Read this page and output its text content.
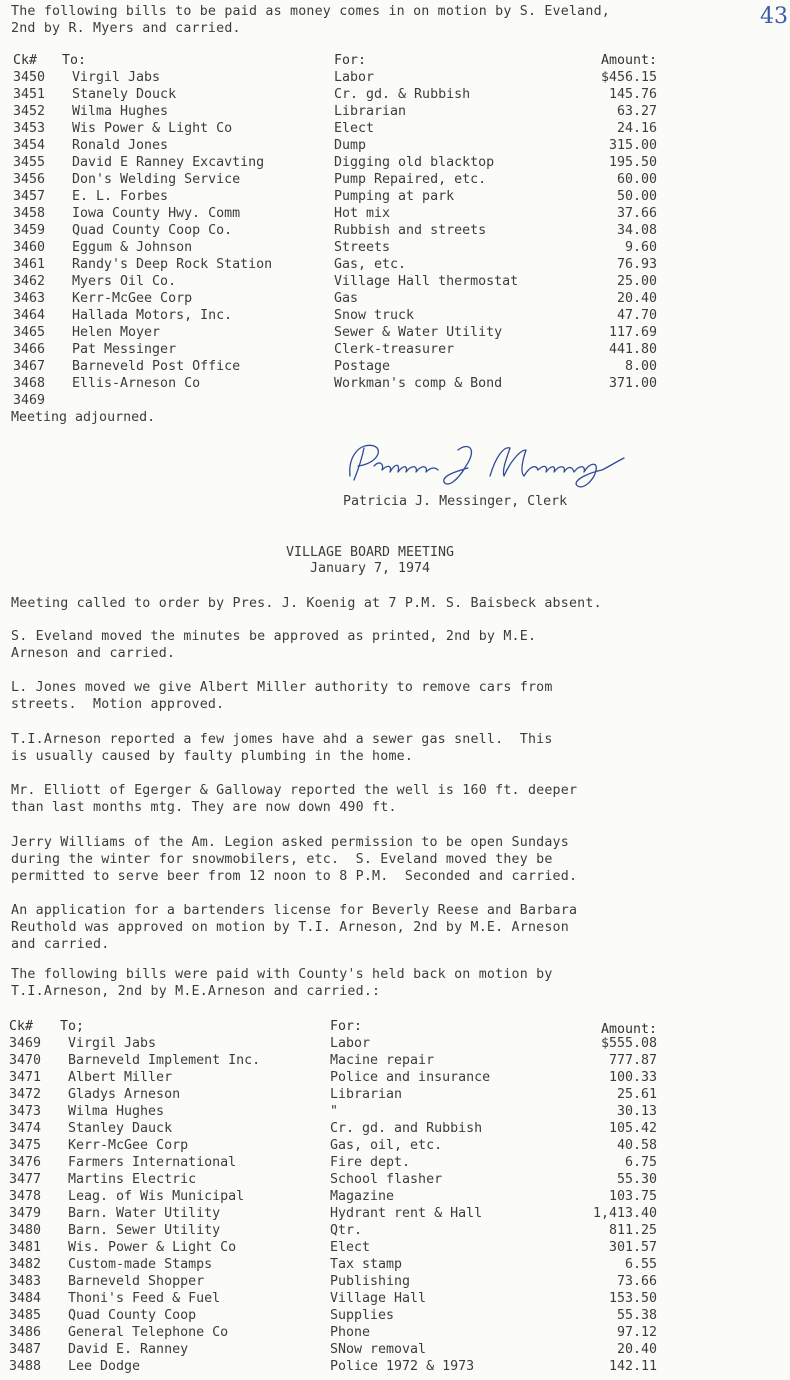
43
The following bills to be paid as money comes in on motion by S. Eveland,
2nd by R. Myers and carried.
Ck# To:	For:	Amount:
3450 Virgil Jabs	Labor	$456.15
3451 Stanely Douck	Cr. gd. & Rubbish	145.76
3452 Wilma Hughes	Librarian	63.27
3453 Wis Power & Light Co	Elect	24.16
3454 Ronald Jones	Dump	315.00
3455 David E Ranney Excavting	Digging old blacktop	195.50
3456 Don's Welding Service	Pump Repaired, etc.	60.00
3457 E. L. Forbes	Pumping at park	50.00
3458 Iowa County Hwy. Comm	Hot mix	37.66
3459 Quad County Coop Co.	Rubbish and streets	34.08
3460 Eggum & Johnson	Streets	9.60
3461 Randy's Deep Rock Station	Gas, etc.	76.93
3462 Myers Oil Co.	Village Hall thermostat	25.00
3463 Kerr-McGee Corp	Gas	20.40
3464 Hallada Motors, Inc.	Snow truck	47.70
3465 Helen Moyer	Sewer & Water Utility	117.69
3466 Pat Messinger	Clerk-treasurer	441.80
3467 Barneveld Post Office	Postage	8.00
3468 Ellis-Arneson Co	Workman's comp & Bond	371.00
3469
Meeting adjourned.
Patricia J. Messinger, Clerk
VILLAGE BOARD MEETING
January 7, 1974
Meeting called to order by Pres. J. Koenig at 7 P.M. S. Baisbeck absent.
S. Eveland moved the minutes be approved as printed, 2nd by M.E.
Arneson and carried.
L. Jones moved we give Albert Miller authority to remove cars from
streets.  Motion approved.
T.I.Arneson reported a few jomes have ahd a sewer gas snell.  This
is usually caused by faulty plumbing in the home.
Mr. Elliott of Egerger & Galloway reported the well is 160 ft. deeper
than last months mtg. They are now down 490 ft.
Jerry Williams of the Am. Legion asked permission to be open Sundays
during the winter for snowmobilers, etc.  S. Eveland moved they be
permitted to serve beer from 12 noon to 8 P.M.  Seconded and carried.
An application for a bartenders license for Beverly Reese and Barbara
Reuthold was approved on motion by T.I. Arneson, 2nd by M.E. Arneson
and carried.
The following bills were paid with County's held back on motion by
T.I.Arneson, 2nd by M.E.Arneson and carried.:
Ck# To;	For:	Amount:
3469 Virgil Jabs	Labor	$555.08
3470 Barneveld Implement Inc.	Macine repair	777.87
3471 Albert Miller	Police and insurance	100.33
3472 Gladys Arneson	Librarian	25.61
3473 Wilma Hughes	"	30.13
3474 Stanley Dauck	Cr. gd. and Rubbish	105.42
3475 Kerr-McGee Corp	Gas, oil, etc.	40.58
3476 Farmers International	Fire dept.	6.75
3477 Martins Electric	School flasher	55.30
3478 Leag. of Wis Municipal	Magazine	103.75
3479 Barn. Water Utility	Hydrant rent & Hall	1,413.40
3480 Barn. Sewer Utility	Qtr.	811.25
3481 Wis. Power & Light Co	Elect	301.57
3482 Custom-made Stamps	Tax stamp	6.55
3483 Barneveld Shopper	Publishing	73.66
3484 Thoni's Feed & Fuel	Village Hall	153.50
3485 Quad County Coop	Supplies	55.38
3486 General Telephone Co	Phone	97.12
3487 David E. Ranney	SNow removal	20.40
3488 Lee Dodge	Police 1972 & 1973	142.11
